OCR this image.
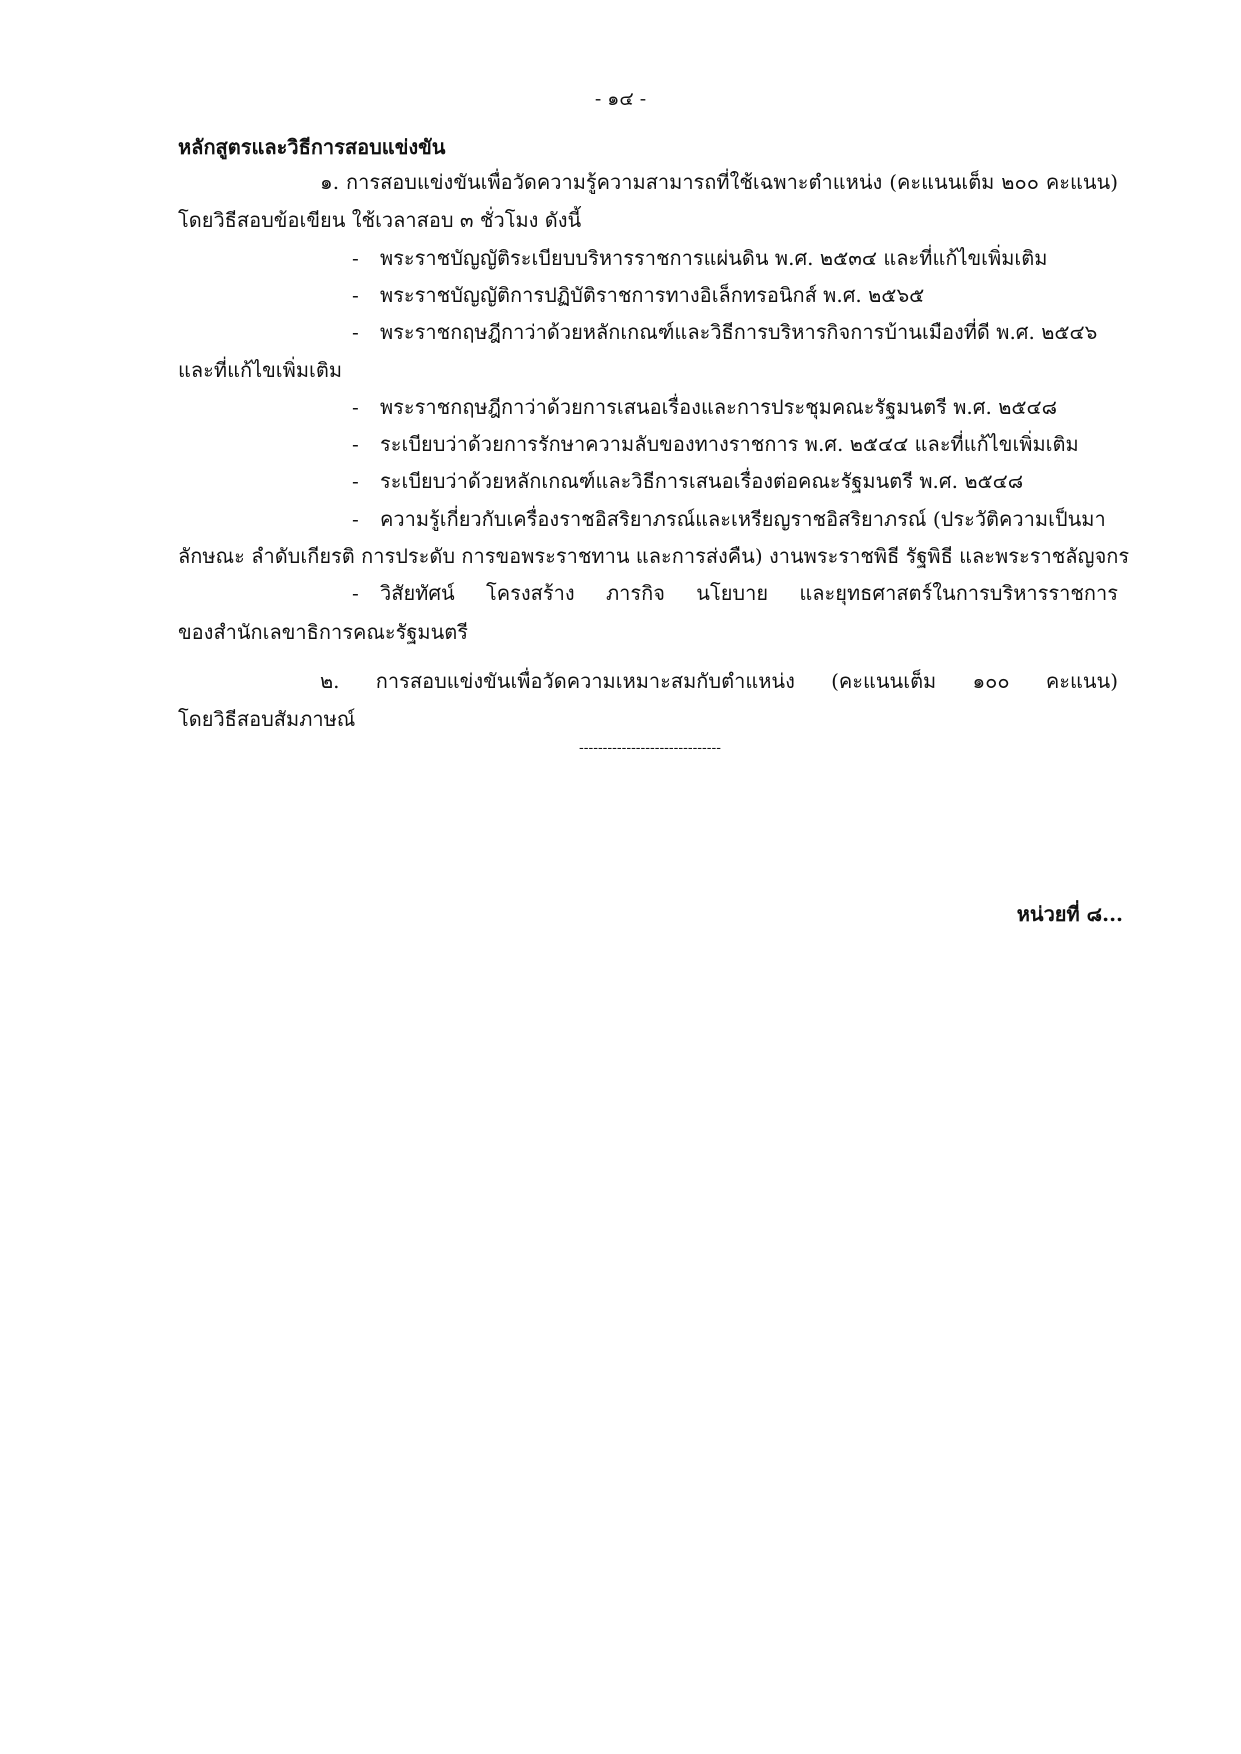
- ๑๔ -
หลักสูตรและวิธีการสอบแข่งขัน
๑. การสอบแข่งขันเพื่อวัดความรู้ความสามารถที่ใช้เฉพาะตำแหน่ง (คะแนนเต็ม ๒๐๐ คะแนน)
โดยวิธีสอบข้อเขียน ใช้เวลาสอบ ๓ ชั่วโมง ดังนี้
- พระราชบัญญัติระเบียบบริหารราชการแผ่นดิน พ.ศ. ๒๕๓๔ และที่แก้ไขเพิ่มเติม
- พระราชบัญญัติการปฏิบัติราชการทางอิเล็กทรอนิกส์ พ.ศ. ๒๕๖๕
- พระราชกฤษฎีกาว่าด้วยหลักเกณฑ์และวิธีการบริหารกิจการบ้านเมืองที่ดี พ.ศ. ๒๕๔๖
และที่แก้ไขเพิ่มเติม
- พระราชกฤษฎีกาว่าด้วยการเสนอเรื่องและการประชุมคณะรัฐมนตรี พ.ศ. ๒๕๔๘
- ระเบียบว่าด้วยการรักษาความลับของทางราชการ พ.ศ. ๒๕๔๔ และที่แก้ไขเพิ่มเติม
- ระเบียบว่าด้วยหลักเกณฑ์และวิธีการเสนอเรื่องต่อคณะรัฐมนตรี พ.ศ. ๒๕๔๘
- ความรู้เกี่ยวกับเครื่องราชอิสริยาภรณ์และเหรียญราชอิสริยาภรณ์ (ประวัติความเป็นมา
ลักษณะ ลำดับเกียรติ การประดับ การขอพระราชทาน และการส่งคืน) งานพระราชพิธี รัฐพิธี และพระราชลัญจกร
- วิสัยทัศน์ โครงสร้าง ภารกิจ นโยบาย และยุทธศาสตร์ในการบริหารราชการ
ของสำนักเลขาธิการคณะรัฐมนตรี
๒. การสอบแข่งขันเพื่อวัดความเหมาะสมกับตำแหน่ง (คะแนนเต็ม ๑๐๐ คะแนน)
โดยวิธีสอบสัมภาษณ์
------------------------------
หน่วยที่ ๘...
